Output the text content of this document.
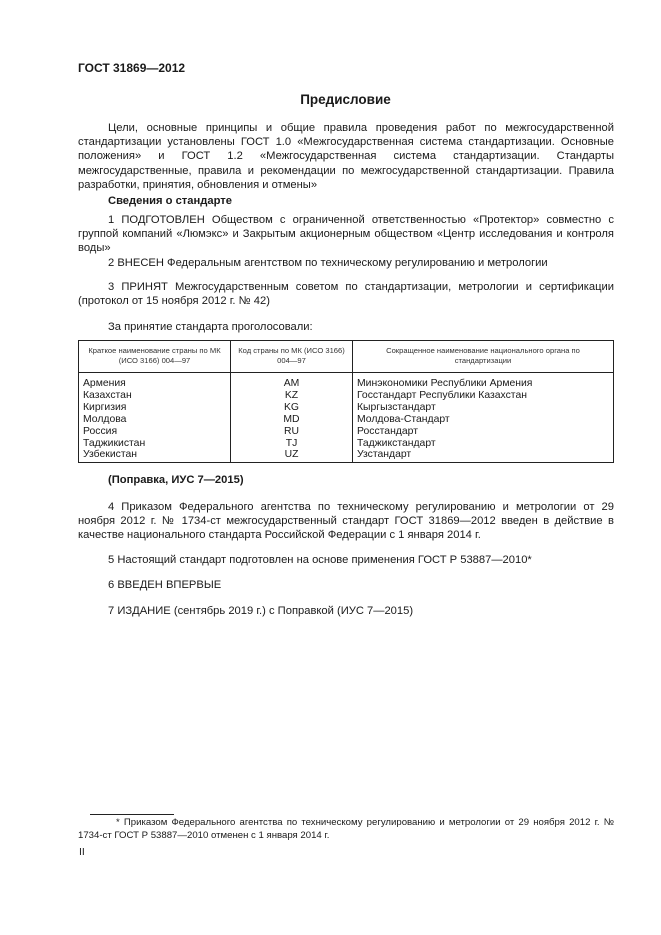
ГОСТ 31869—2012
Предисловие
Цели, основные принципы и общие правила проведения работ по межгосударственной стандартизации установлены ГОСТ 1.0 «Межгосударственная система стандартизации. Основные положения» и ГОСТ 1.2 «Межгосударственная система стандартизации. Стандарты межгосударственные, правила и рекомендации по межгосударственной стандартизации. Правила разработки, принятия, обновления и отмены»
Сведения о стандарте
1 ПОДГОТОВЛЕН Обществом с ограниченной ответственностью «Протектор» совместно с группой компаний «Люмэкс» и Закрытым акционерным обществом «Центр исследования и контроля воды»
2 ВНЕСЕН Федеральным агентством по техническому регулированию и метрологии
3 ПРИНЯТ Межгосударственным советом по стандартизации, метрологии и сертификации (протокол от 15 ноября 2012 г. № 42)
За принятие стандарта проголосовали:
Краткое наименование страны по МК (ИСО 3166) 004—97	Код страны по МК (ИСО 3166) 004—97	Сокращенное наименование национального органа по стандартизации
Армения	AM	Минэкономики Республики Армения
Казахстан	KZ	Госстандарт Республики Казахстан
Киргизия	KG	Кыргызстандарт
Молдова	MD	Молдова-Стандарт
Россия	RU	Росстандарт
Таджикистан	TJ	Таджикстандарт
Узбекистан	UZ	Узстандарт
(Поправка, ИУС 7—2015)
4 Приказом Федерального агентства по техническому регулированию и метрологии от 29 ноября 2012 г. № 1734-ст межгосударственный стандарт ГОСТ 31869—2012 введен в действие в качестве национального стандарта Российской Федерации с 1 января 2014 г.
5 Настоящий стандарт подготовлен на основе применения ГОСТ Р 53887—2010*
6 ВВЕДЕН ВПЕРВЫЕ
7 ИЗДАНИЕ (сентябрь 2019 г.) с Поправкой (ИУС 7—2015)
* Приказом Федерального агентства по техническому регулированию и метрологии от 29 ноября 2012 г. № 1734-ст ГОСТ Р 53887—2010 отменен с 1 января 2014 г.
II
